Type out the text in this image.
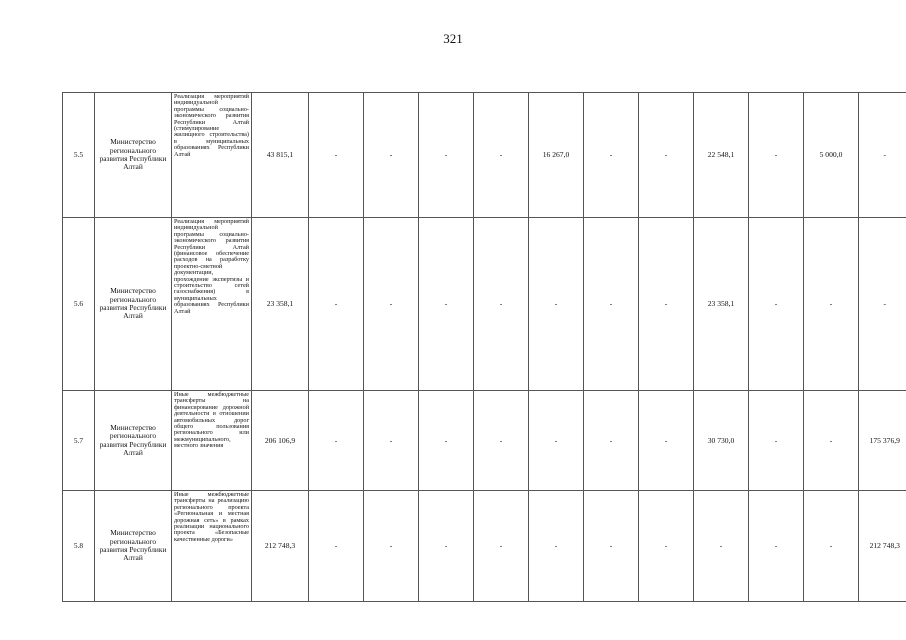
321
5.5	Министерство регионального развития Республики Алтай	Реализация мероприятий индивидуальной программы социально-экономического развития Республики Алтай (стимулирование жилищного строительства) в муниципальных образованиях Республики Алтай	43 815,1	-	-	-	-	16 267,0	-	-	22 548,1	-	5 000,0	-
5.6	Министерство регионального развития Республики Алтай	Реализация мероприятий индивидуальной программы социально-экономического развития Республики Алтай (финансовое обеспечение расходов на разработку проектно-сметной документации, прохождение экспертизы и строительство сетей газоснабжения) в муниципальных образованиях Республики Алтай	23 358,1	-	-	-	-	-	-	-	23 358,1	-	-	-
5.7	Министерство регионального развития Республики Алтай	Иные межбюджетные трансферты на финансирование дорожной деятельности в отношении автомобильных дорог общего пользования регионального или межмуниципального, местного значения	206 106,9	-	-	-	-	-	-	-	30 730,0	-	-	175 376,9
5.8	Министерство регионального развития Республики Алтай	Иные межбюджетные трансферты на реализацию регионального проекта «Региональная и местная дорожная сеть» в рамках реализации национального проекта «Безопасные качественные дороги»	212 748,3	-	-	-	-	-	-	-	-	-	-	212 748,3
